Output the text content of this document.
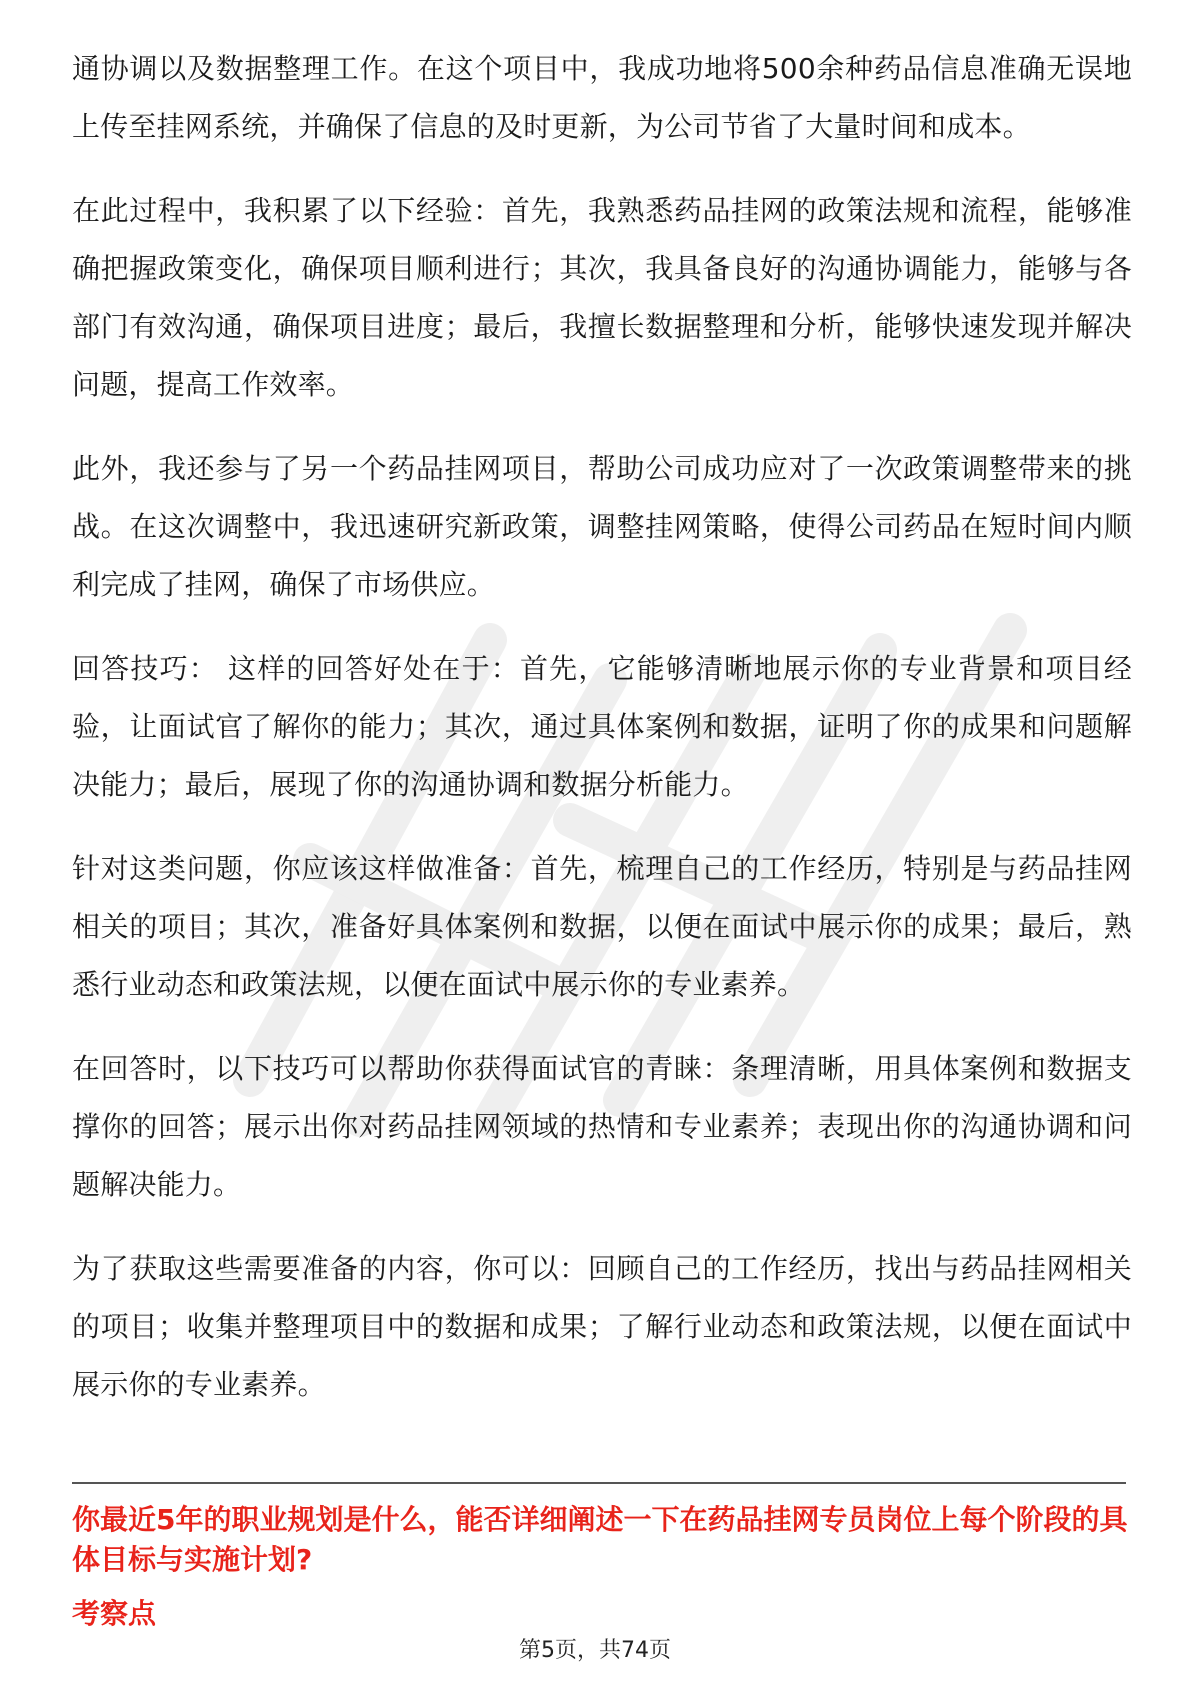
通协调以及数据整理工作。在这个项目中，我成功地将500余种药品信息准确无误地上传至挂网系统，并确保了信息的及时更新，为公司节省了大量时间和成本。

在此过程中，我积累了以下经验：首先，我熟悉药品挂网的政策法规和流程，能够准确把握政策变化，确保项目顺利进行；其次，我具备良好的沟通协调能力，能够与各部门有效沟通，确保项目进度；最后，我擅长数据整理和分析，能够快速发现并解决问题，提高工作效率。

此外，我还参与了另一个药品挂网项目，帮助公司成功应对了一次政策调整带来的挑战。在这次调整中，我迅速研究新政策，调整挂网策略，使得公司药品在短时间内顺利完成了挂网，确保了市场供应。

回答技巧： 这样的回答好处在于：首先，它能够清晰地展示你的专业背景和项目经验，让面试官了解你的能力；其次，通过具体案例和数据，证明了你的成果和问题解决能力；最后，展现了你的沟通协调和数据分析能力。

针对这类问题，你应该这样做准备：首先，梳理自己的工作经历，特别是与药品挂网相关的项目；其次，准备好具体案例和数据，以便在面试中展示你的成果；最后，熟悉行业动态和政策法规，以便在面试中展示你的专业素养。

在回答时，以下技巧可以帮助你获得面试官的青睐：条理清晰，用具体案例和数据支撑你的回答；展示出你对药品挂网领域的热情和专业素养；表现出你的沟通协调和问题解决能力。

为了获取这些需要准备的内容，你可以：回顾自己的工作经历，找出与药品挂网相关的项目；收集并整理项目中的数据和成果；了解行业动态和政策法规，以便在面试中展示你的专业素养。

你最近5年的职业规划是什么，能否详细阐述一下在药品挂网专员岗位上每个阶段的具体目标与实施计划?

考察点

第5页，共74页
